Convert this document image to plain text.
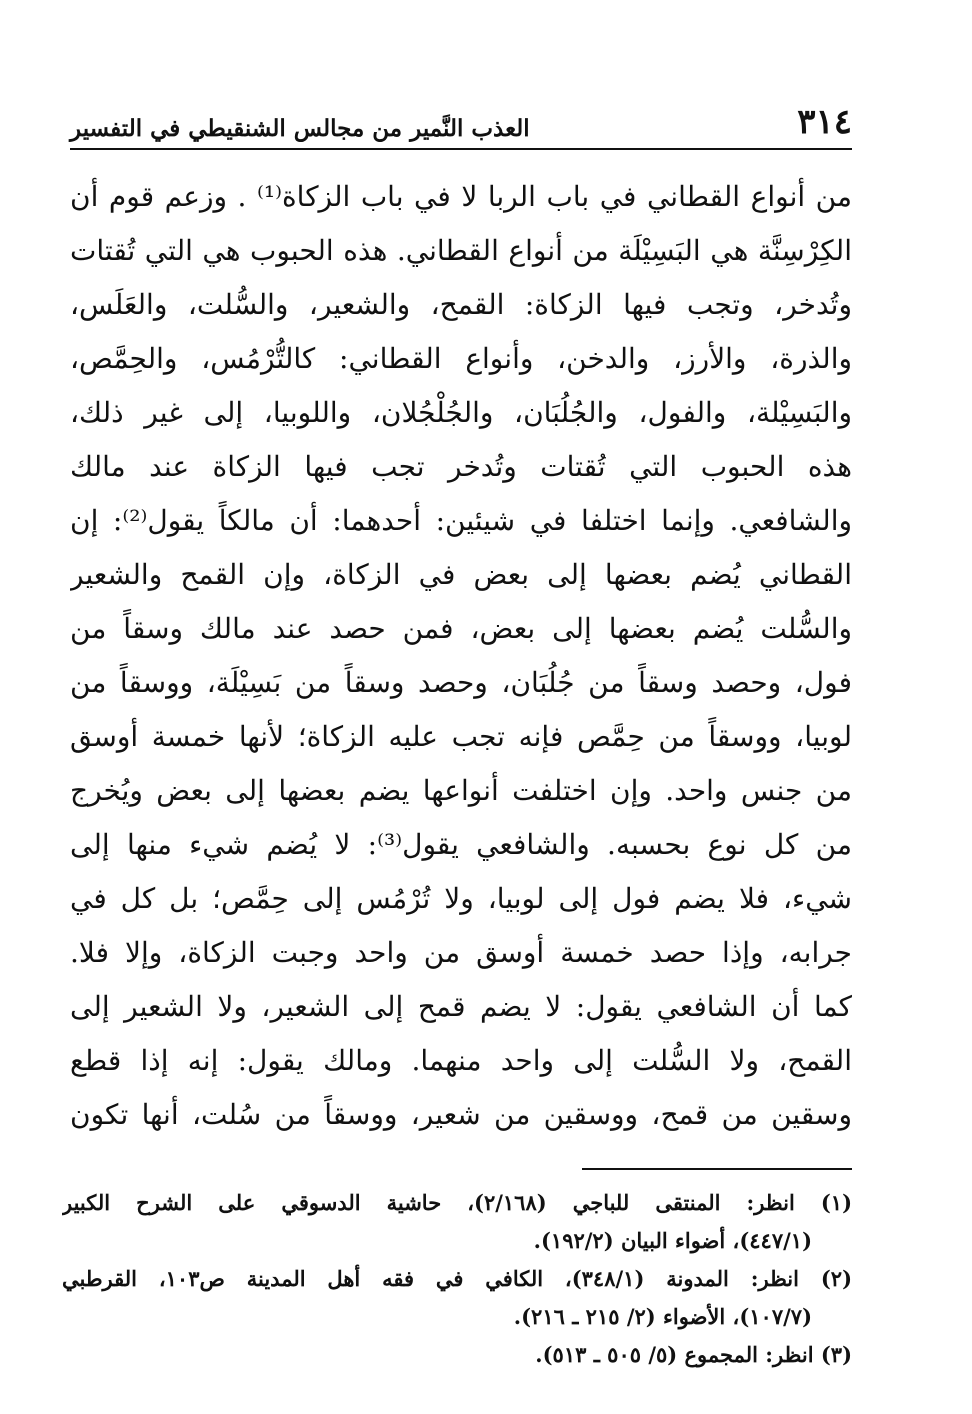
٣١٤
العذب النَّمير من مجالس الشنقيطي في التفسير
من أنواع القطاني في باب الربا لا في باب الزكاة⁽¹⁾ . وزعم قوم أن
الكِرْسِنَّة هي البَسِيْلَة من أنواع القطاني. هذه الحبوب هي التي تُقتات
وتُدخر، وتجب فيها الزكاة: القمح، والشعير، والسُّلت، والعَلَس،
والذرة، والأرز، والدخن، وأنواع القطاني: كالتُّرْمُس، والحِمَّص،
والبَسِيْلة، والفول، والجُلُبَان، والجُلْجُلان، واللوبيا، إلى غير ذلك،
هذه الحبوب التي تُقتات وتُدخر تجب فيها الزكاة عند مالك
والشافعي. وإنما اختلفا في شيئين: أحدهما: أن مالكاً يقول⁽²⁾: إن
القطاني يُضم بعضها إلى بعض في الزكاة، وإن القمح والشعير
والسُّلت يُضم بعضها إلى بعض، فمن حصد عند مالك وسقاً من
فول، وحصد وسقاً من جُلُبَان، وحصد وسقاً من بَسِيْلَة، ووسقاً من
لوبيا، ووسقاً من حِمَّص فإنه تجب عليه الزكاة؛ لأنها خمسة أوسق
من جنس واحد. وإن اختلفت أنواعها يضم بعضها إلى بعض ويُخرج
من كل نوع بحسبه. والشافعي يقول⁽³⁾: لا يُضم شيء منها إلى
شيء، فلا يضم فول إلى لوبيا، ولا تُرْمُس إلى حِمَّص؛ بل كل في
جرابه، وإذا حصد خمسة أوسق من واحد وجبت الزكاة، وإلا فلا.
كما أن الشافعي يقول: لا يضم قمح إلى الشعير، ولا الشعير إلى
القمح، ولا السُّلت إلى واحد منهما. ومالك يقول: إنه إذا قطع
وسقين من قمح، ووسقين من شعير، ووسقاً من سُلت، أنها تكون
(١) انظر: المنتقى للباجي (٢/١٦٨)، حاشية الدسوقي على الشرح الكبير
(٤٤٧/١)، أضواء البيان (١٩٢/٢).
(٢) انظر: المدونة (٣٤٨/١)، الكافي في فقه أهل المدينة ص١٠٣، القرطبي
(١٠٧/٧)، الأضواء (٢/ ٢١٥ ـ ٢١٦).
(٣) انظر: المجموع (٥/ ٥٠٥ ـ ٥١٣).
